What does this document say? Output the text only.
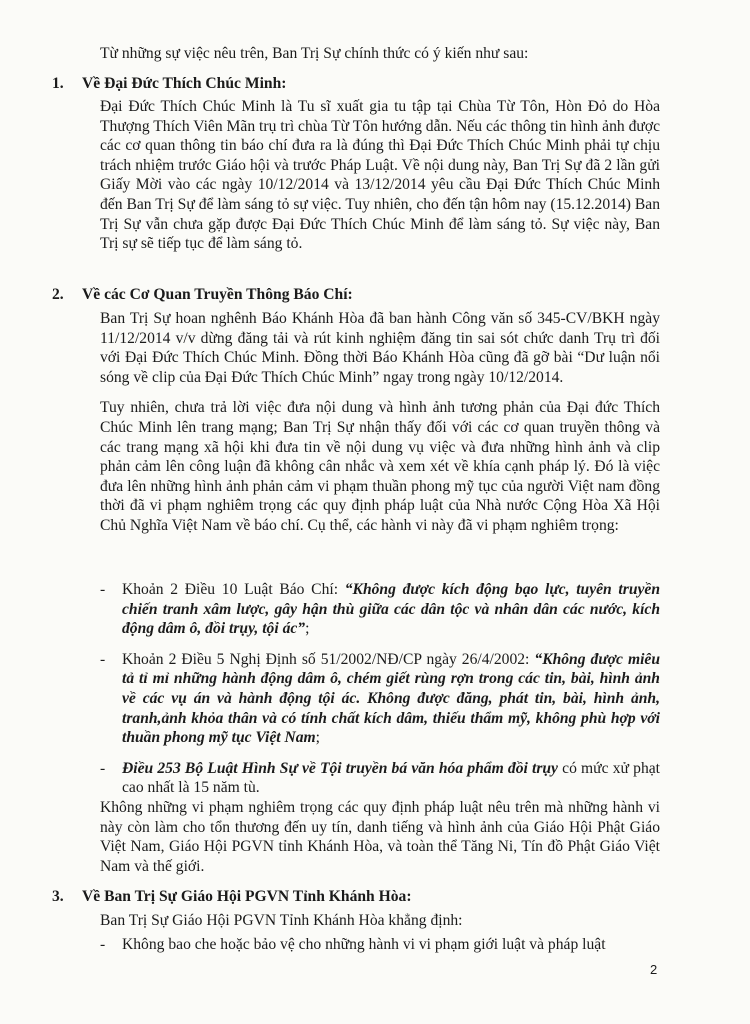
Từ những sự việc nêu trên, Ban Trị Sự chính thức có ý kiến như sau:

1. Về Đại Đức Thích Chúc Minh:

Đại Đức Thích Chúc Minh là Tu sĩ xuất gia tu tập tại Chùa Từ Tôn, Hòn Đỏ do Hòa Thượng Thích Viên Mãn trụ trì chùa Từ Tôn hướng dẫn. Nếu các thông tin hình ảnh được các cơ quan thông tin báo chí đưa ra là đúng thì Đại Đức Thích Chúc Minh phải tự chịu trách nhiệm trước Giáo hội và trước Pháp Luật. Về nội dung này, Ban Trị Sự đã 2 lần gửi Giấy Mời vào các ngày 10/12/2014 và 13/12/2014 yêu cầu Đại Đức Thích Chúc Minh đến Ban Trị Sự để làm sáng tỏ sự việc. Tuy nhiên, cho đến tận hôm nay (15.12.2014) Ban Trị Sự vẫn chưa gặp được Đại Đức Thích Chúc Minh để làm sáng tỏ. Sự việc này, Ban Trị sự sẽ tiếp tục để làm sáng tỏ.

2. Về các Cơ Quan Truyền Thông Báo Chí:

Ban Trị Sự hoan nghênh Báo Khánh Hòa đã ban hành Công văn số 345-CV/BKH ngày 11/12/2014 v/v dừng đăng tải và rút kinh nghiệm đăng tin sai sót chức danh Trụ trì đối với Đại Đức Thích Chúc Minh. Đồng thời Báo Khánh Hòa cũng đã gỡ bài “Dư luận nổi sóng về clip của Đại Đức Thích Chúc Minh” ngay trong ngày 10/12/2014.

Tuy nhiên, chưa trả lời việc đưa nội dung và hình ảnh tương phản của Đại đức Thích Chúc Minh lên trang mạng; Ban Trị Sự nhận thấy đối với các cơ quan truyền thông và các trang mạng xã hội khi đưa tin về nội dung vụ việc và đưa những hình ảnh và clip phản cảm lên công luận đã không cân nhắc và xem xét về khía cạnh pháp lý. Đó là việc đưa lên những hình ảnh phản cảm vi phạm thuần phong mỹ tục của người Việt nam đồng thời đã vi phạm nghiêm trọng các quy định pháp luật của Nhà nước Cộng Hòa Xã Hội Chủ Nghĩa Việt Nam về báo chí. Cụ thể, các hành vi này đã vi phạm nghiêm trọng:

- Khoản 2 Điều 10 Luật Báo Chí: “Không được kích động bạo lực, tuyên truyền chiến tranh xâm lược, gây hận thù giữa các dân tộc và nhân dân các nước, kích động dâm ô, đồi trụy, tội ác”;

- Khoản 2 Điều 5 Nghị Định số 51/2002/NĐ/CP ngày 26/4/2002: “Không được miêu tả tỉ mỉ những hành động dâm ô, chém giết rùng rợn trong các tin, bài, hình ảnh về các vụ án và hành động tội ác. Không được đăng, phát tin, bài, hình ảnh, tranh,ảnh khỏa thân và có tính chất kích dâm, thiếu thẩm mỹ, không phù hợp với thuần phong mỹ tục Việt Nam;

- Điều 253 Bộ Luật Hình Sự về Tội truyền bá văn hóa phẩm đồi trụy có mức xử phạt cao nhất là 15 năm tù.

Không những vi phạm nghiêm trọng các quy định pháp luật nêu trên mà những hành vi này còn làm cho tổn thương đến uy tín, danh tiếng và hình ảnh của Giáo Hội Phật Giáo Việt Nam, Giáo Hội PGVN tỉnh Khánh Hòa, và toàn thể Tăng Ni, Tín đồ Phật Giáo Việt Nam và thế giới.

3. Về Ban Trị Sự Giáo Hội PGVN Tỉnh Khánh Hòa:

Ban Trị Sự Giáo Hội PGVN Tỉnh Khánh Hòa khẳng định:

- Không bao che hoặc bảo vệ cho những hành vi vi phạm giới luật và pháp luật

2
